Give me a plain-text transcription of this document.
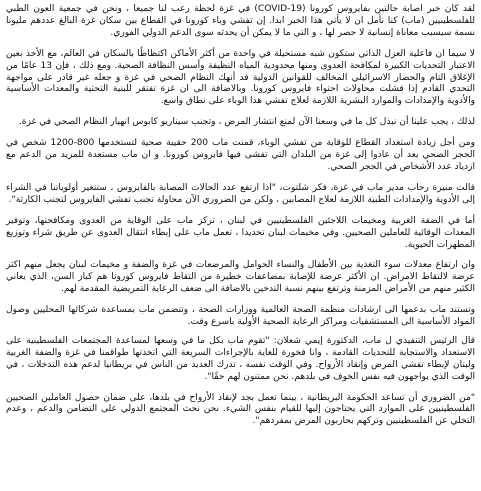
لقد كان خبر اصابة حالتين بفايروس كورونا (COVID-19) في غزة لحظة رعب لنا جميعا ، ونحن في جمعية العون الطبي للفلسطينيين (ماب) كنا نأمل ان لا يأتي هذا الخبر ابدا. إن تفشي وباء كورونا في القطاع بين سكان غزة البالغ عددهم مليونا نسمة سيسبب معاناة إنسانية لا حصر لها ، و التي ما لا يمكن أن يحدثه سوى الدعم الدولي الفوري.

لا سيما ان فاعلية العزل الذاتي ستكون شبه مستحيلة في واحدة من أكثر الأماكن اكتظاظًا بالسكان في العالم، مع الأخذ بعين الاعتبار التحديات الكبيرة لمكافحة العدوى ومنها محدودية المياه النظيفة وأسس النظافة الصحية. ومع ذلك ، فإن 13 عامًا من الإغلاق التام والحصار الاسرائيلي المخالف للقوانين الدولية قد أنهك النظام الصحي في غزة و جعله غير قادر على مواجهة التحدي القادم إذا فشلت محاولات احتواء فايروس كورونا. وبالاضافة الى ان غزة تفتقر للبنية التحتية والمعدات الأساسية والأدوية والإمدادات والموارد البشرية اللازمة لعلاج تفشي هذا الوباء على نطاق واسع.

لذلك ، يجب علينا أن نبذل كل ما في وسعنا الآن لمنع انتشار المرض ، وتجنب سيناريو كابوس انهيار النظام الصحي في غزة.

ومن أجل زيادة استعداد القطاع للوقاية من تفشي الوباء، قمنت ماب 200 حقيبة صحية لتستخدمها 800-1200 شخص في الحجر الصحي بعد أن عادوا إلى غزة من البلدان التي تفشى فيها فايروس كورونا. و ان ماب مستعدة للمزيد من الدعم مع ازدياد عدد الأشخاص في الحجر الصحي.

قالت منيرة رحاب مدير ماب في غزة، فكر شلتوت، "اذا ارتفع عدد الحالات المصابة بالفايروس ، ستتغير أولوياتنا في الشراء إلى الأدوية والإمدادات الطبية اللازمة لعلاج المصابين ، ولكن من الضروري الآن محاولة تجنب تفشي الفايروس لتجنب الكارثة".

أما في الضفة الغربية ومخيمات اللاجئين الفلسطينيين في لبنان ، تركز ماب على الوقاية من العدوى ومكافحتها، وتوفير المعدات الوقائية للعاملين الصحيين. وفي مخيمات لبنان تحديدا ، تعمل ماب على إبطاء انتقال العدوى عن طريق شراء وتوزيع المطهرات الحيوية.

وان ارتفاع معدلات سوء التغذية بين الأطفال والنساء الحوامل والمرضعات في غزة والضفة و مخيمات لبنان يجعل منهم اكثر عرضة لالتقاط الامراض. ان الأكثر عرضة للإصابة بمضاعفات خطيرة من التقاط فايروس كورونا هم كبار السن، الذي يعاني الكثير منهم من الأمراض المزمنة وترتفع بينهم نسبة التدخين بالاضافة الى ضعف الرعاية التمريضية المقدمة لهم.

وتستند ماب بدعمها الى ارشادات منظمة الصحة العالمية ووزارات الصحة ، وتتضمن ماب بمساعدة شركائها المحليين وصول المواد الأساسية الى المستشفيات ومراكز الرعاية الصحية الأولية باسرع وقت.

قال الرئيس التنفيذي ل ماب، الدكتورة إيمي شعلان: "تقوم ماب بكل ما في وسعها لمساعدة المجتمعات الفلسطينية على الاستعداد والاستجابة للتحديات القادمة ، وانا فخورة للغاية بالإجراءات السريعة التي اتخذتها طواقمنا في غزة والضفة الغربية ولبنان لإبطاء تفشي المرض وإنقاذ الأرواح. وفي الوقت نفسه ، تدرك العديد من الناس في بريطانيا لدعم هذه التدخلات ، في الوقت الذي يواجهون فيه نفس الخوف في بلدهم. نحن ممتنون لهم حقًا".

"من الضروري أن تساعد الحكومة البريطانية ، بينما تعمل بجد لإنقاذ الأرواح في بلدها، على ضمان حصول العاملين الصحيين الفلسطينيين على الموارد التي يحتاجون إليها للقيام بنفس الشيء. نحن نحث المجتمع الدولي على التضامن والدعم ، وعدم التخلي عن الفلسطينيين وتركهم يحاربون المرض بمفردهم".
